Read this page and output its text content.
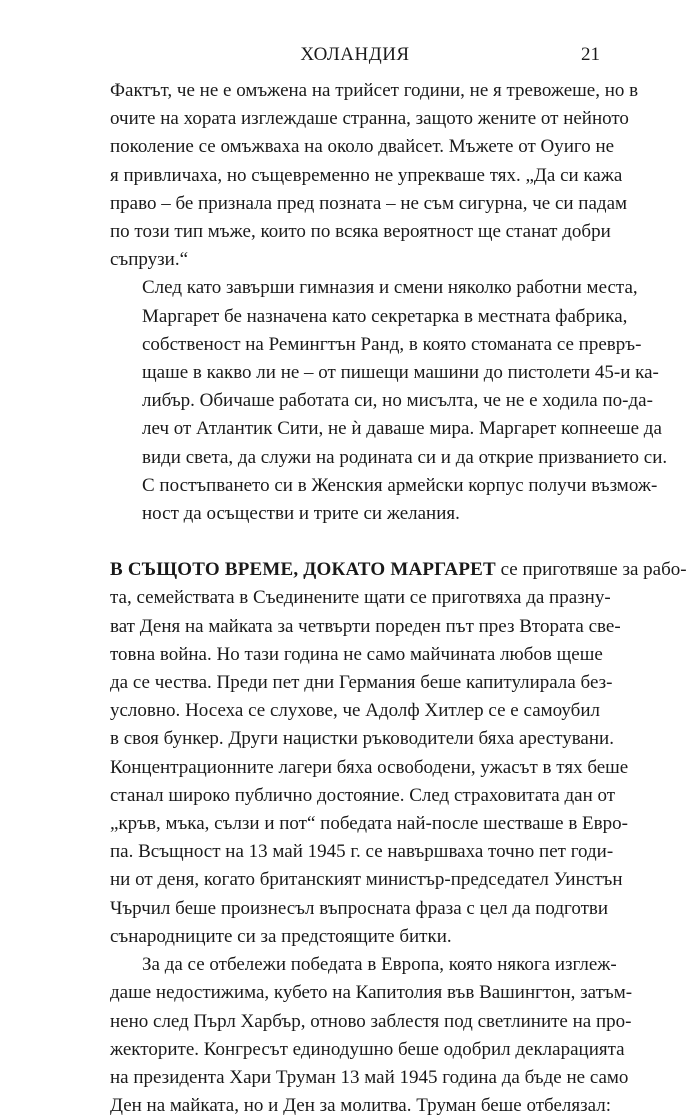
ХОЛАНДИЯ	21

Фактът, че не е омъжена на трийсет години, не я тревожеше, но в
очите на хората изглеждаше странна, защото жените от нейното
поколение се омъжваха на около двайсет. Мъжете от Оуиго не
я привличаха, но същевременно не упрекваше тях. „Да си кажа
право – бе признала пред позната – не съм сигурна, че си падам
по този тип мъже, които по всяка вероятност ще станат добри
съпрузи.“

След като завърши гимназия и смени няколко работни места,
Маргарет бе назначена като секретарка в местната фабрика,
собственост на Ремингтън Ранд, в която стоманата се превръ-
щаше в какво ли не – от пишещи машини до пистолети 45-и ка-
либър. Обичаше работата си, но мисълта, че не е ходила по-да-
леч от Атлантик Сити, не ѝ даваше мира. Маргарет копнееше да
види света, да служи на родината си и да открие призванието си.
С постъпването си в Женския армейски корпус получи възмож-
ност да осъществи и трите си желания.

В СЪЩОТО ВРЕМЕ, ДОКАТО МАРГАРЕТ се приготвяше за рабо-
та, семействата в Съединените щати се приготвяха да празну-
ват Деня на майката за четвърти пореден път през Втората све-
товна война. Но тази година не само майчината любов щеше
да се чества. Преди пет дни Германия беше капитулирала без-
условно. Носеха се слухове, че Адолф Хитлер се е самоубил
в своя бункер. Други нацистки ръководители бяха арестувани.
Концентрационните лагери бяха освободени, ужасът в тях беше
станал широко публично достояние. След страховитата дан от
„кръв, мъка, сълзи и пот“ победата най-после шестваше в Евро-
па. Всъщност на 13 май 1945 г. се навършваха точно пет годи-
ни от деня, когато британският министър-председател Уинстън
Чърчил беше произнесъл въпросната фраза с цел да подготви
сънародниците си за предстоящите битки.

За да се отбележи победата в Европа, която някога изглеж-
даше недостижима, кубето на Капитолия във Вашингтон, затъм-
нено след Пърл Харбър, отново заблестя под светлините на про-
жекторите. Конгресът единодушно беше одобрил декларацията
на президента Хари Труман 13 май 1945 година да бъде не само
Ден на майката, но и Ден за молитва. Труман беше отбелязал:
